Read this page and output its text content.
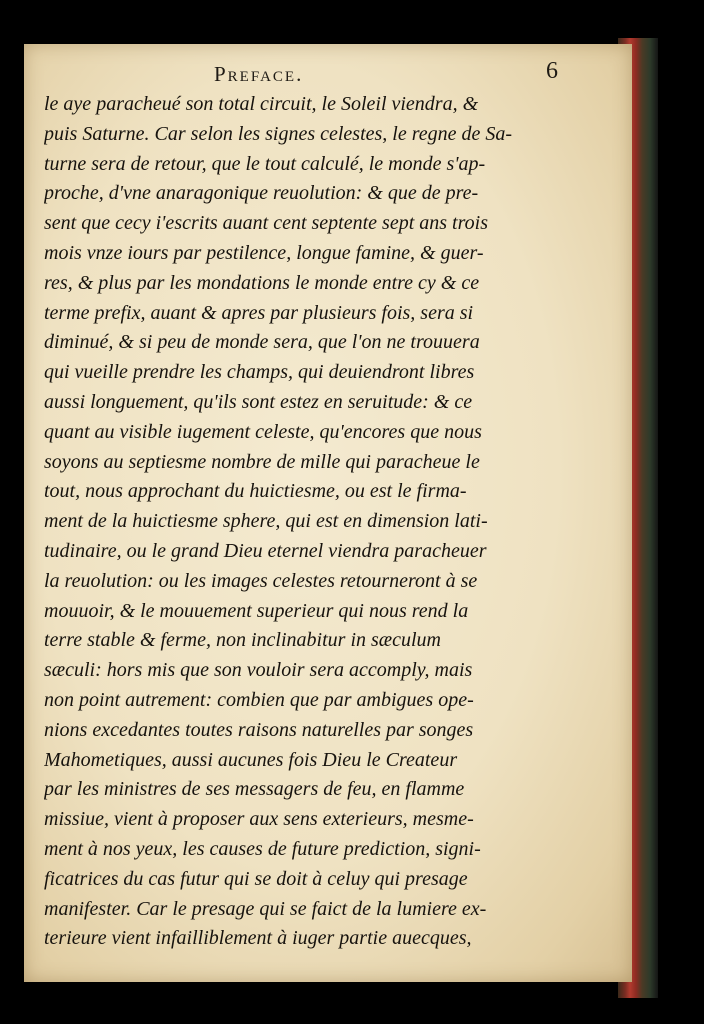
Preface.	6
le aye paracheué son total circuit, le Soleil viendra, &
puis Saturne. Car selon les signes celestes, le regne de Sa-
turne sera de retour, que le tout calculé, le monde s'ap-
proche, d'vne anaragonique reuolution: & que de pre-
sent que cecy i'escrits auant cent septente sept ans trois
mois vnze iours par pestilence, longue famine, & guer-
res, & plus par les mondations le monde entre cy & ce
terme prefix, auant & apres par plusieurs fois, sera si
diminué, & si peu de monde sera, que l'on ne trouuera
qui vueille prendre les champs, qui deuiendront libres
aussi longuement, qu'ils sont estez en seruitude: & ce
quant au visible iugement celeste, qu'encores que nous
soyons au septiesme nombre de mille qui paracheue le
tout, nous approchant du huictiesme, ou est le firma-
ment de la huictiesme sphere, qui est en dimension lati-
tudinaire, ou le grand Dieu eternel viendra paracheuer
la reuolution: ou les images celestes retourneront à se
mouuoir, & le mouuement superieur qui nous rend la
terre stable & ferme, non inclinabitur in sæculum
sæculi: hors mis que son vouloir sera accomply, mais
non point autrement: combien que par ambigues ope-
nions excedantes toutes raisons naturelles par songes
Mahometiques, aussi aucunes fois Dieu le Createur
par les ministres de ses messagers de feu, en flamme
missiue, vient à proposer aux sens exterieurs, mesme-
ment à nos yeux, les causes de future prediction, signi-
ficatrices du cas futur qui se doit à celuy qui presage
manifester. Car le presage qui se faict de la lumiere ex-
terieure vient infailliblement à iuger partie auecques,
